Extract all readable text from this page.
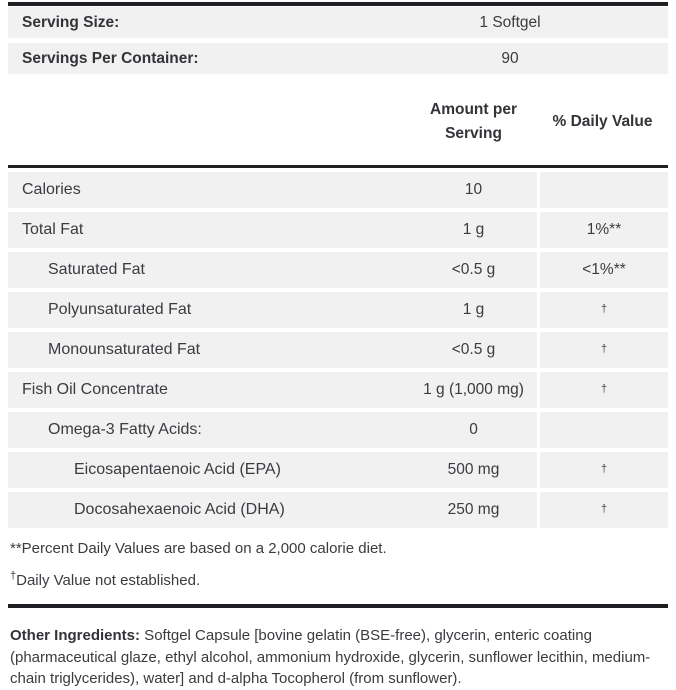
Serving Size:	1 Softgel
Servings Per Container:	90
Amount per Serving
% Daily Value
Calories	10
Total Fat	1 g	1%**
Saturated Fat	<0.5 g	<1%**
Polyunsaturated Fat	1 g	†
Monounsaturated Fat	<0.5 g	†
Fish Oil Concentrate	1 g (1,000 mg)	†
Omega-3 Fatty Acids:	0
Eicosapentaenoic Acid (EPA)	500 mg	†
Docosahexaenoic Acid (DHA)	250 mg	†

**Percent Daily Values are based on a 2,000 calorie diet.

†Daily Value not established.

Other Ingredients: Softgel Capsule [bovine gelatin (BSE-free), glycerin, enteric coating (pharmaceutical glaze, ethyl alcohol, ammonium hydroxide, glycerin, sunflower lecithin, medium-chain triglycerides), water] and d-alpha Tocopherol (from sunflower).
